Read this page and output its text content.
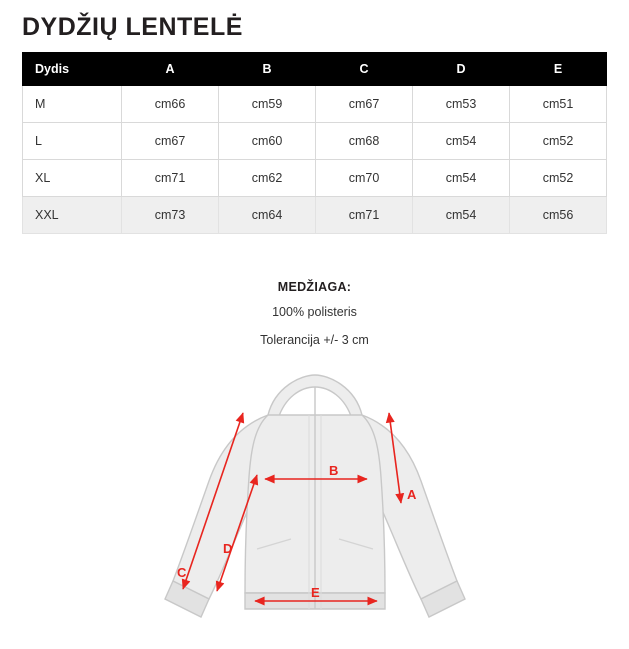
DYDŽIŲ LENTELĖ
Dydis	A	B	C	D	E
M	cm66	cm59	cm67	cm53	cm51
L	cm67	cm60	cm68	cm54	cm52
XL	cm71	cm62	cm70	cm54	cm52
XXL	cm73	cm64	cm71	cm54	cm56
MEDŽIAGA:
100% polisteris
Tolerancija +/- 3 cm
A
B
C
D
E
